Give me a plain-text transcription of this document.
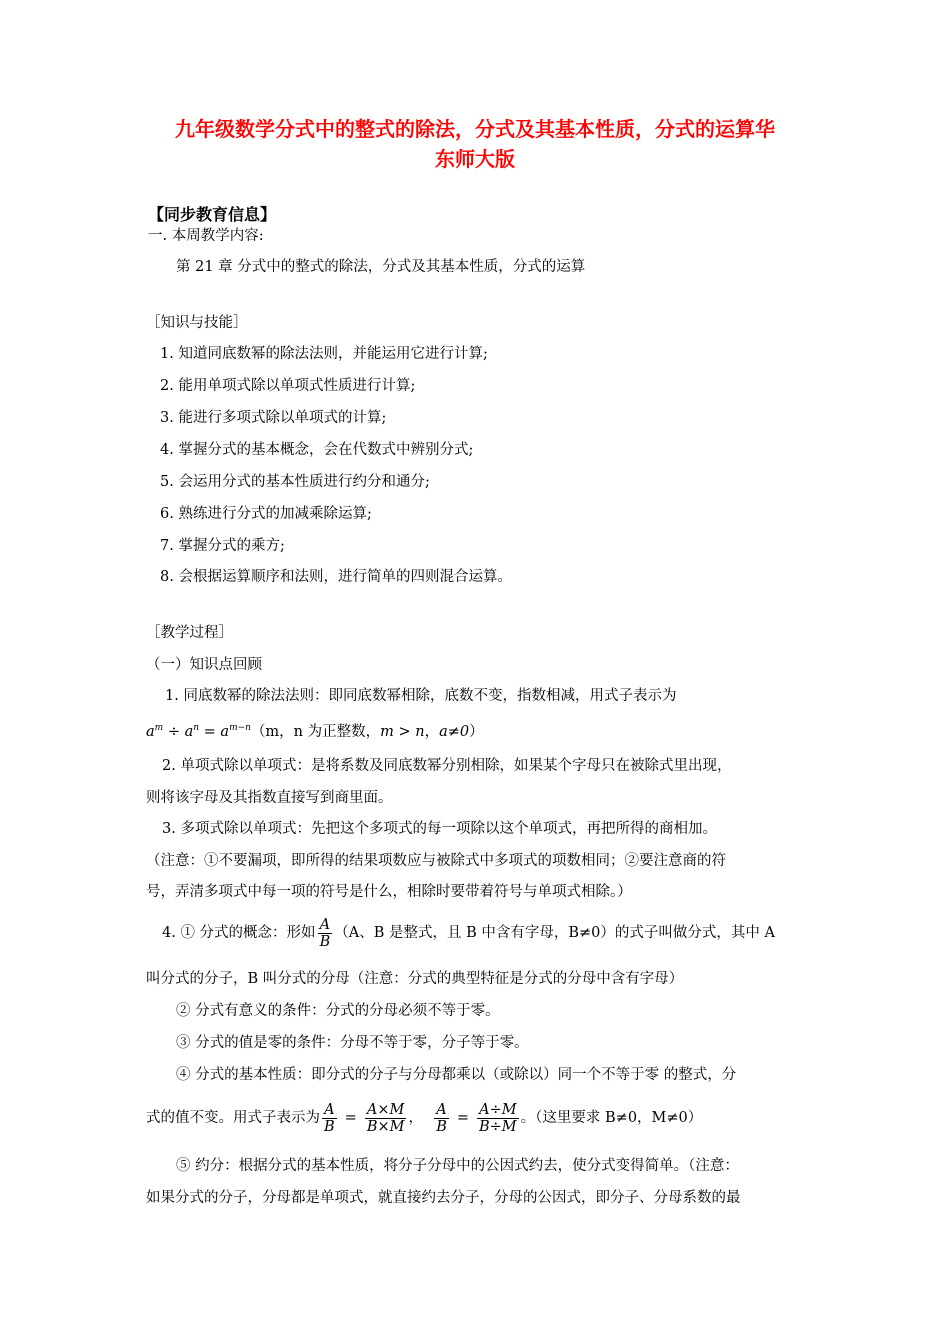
九年级数学分式中的整式的除法，分式及其基本性质，分式的运算华
东师大版
【同步教育信息】
一. 本周教学内容:
第 21 章 分式中的整式的除法，分式及其基本性质，分式的运算
［知识与技能］
1. 知道同底数幂的除法法则，并能运用它进行计算;
2. 能用单项式除以单项式性质进行计算;
3. 能进行多项式除以单项式的计算;
4. 掌握分式的基本概念，会在代数式中辨别分式;
5. 会运用分式的基本性质进行约分和通分;
6. 熟练进行分式的加减乘除运算;
7. 掌握分式的乘方;
8. 会根据运算顺序和法则，进行简单的四则混合运算。
［教学过程］
（一）知识点回顾
1. 同底数幂的除法法则：即同底数幂相除，底数不变，指数相减，用式子表示为
$a^m \div a^n = a^{m-n}(m$，n 为正整数，m > n，a≠0）
2. 单项式除以单项式：是将系数及同底数幂分别相除，如果某个字母只在被除式里出现，
则将该字母及其指数直接写到商里面。
3. 多项式除以单项式：先把这个多项式的每一项除以这个单项式，再把所得的商相加。
（注意：①不要漏项，即所得的结果项数应与被除式中多项式的项数相同；②要注意商的符
号，弄清多项式中每一项的符号是什么，相除时要带着符号与单项式相除。）
4. ① 分式的概念：形如 $\frac{A}{B} (A$、B 是整式，且 B 中含有字母，B≠0）的式子叫做分式，其中 A
叫分式的分子，B 叫分式的分母（注意：分式的典型特征是分式的分母中含有字母）
② 分式有意义的条件：分式的分母必须不等于零。
③ 分式的值是零的条件：分母不等于零，分子等于零。
④ 分式的基本性质：即分式的分子与分母都乘以（或除以）同一个不等于零 的整式，分
式的值不变。用式子表示为 $\frac{A}{B} = \frac{A\times M}{B\times M}$ ， $\frac{A}{B} = \frac{A\div M}{B\div M}$ 。（这里要求 B≠0，M≠0）
⑤ 约分：根据分式的基本性质，将分子分母中的公因式约去，使分式变得简单。（注意：
如果分式的分子，分母都是单项式，就直接约去分子，分母的公因式，即分子、分母系数的最
